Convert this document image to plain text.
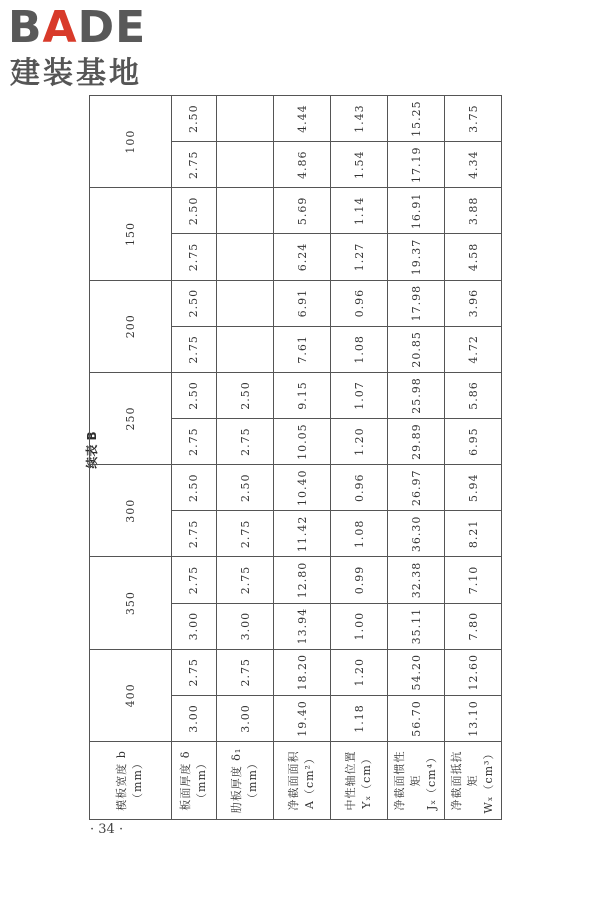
BADE

建装基地

续表 B

模板宽度 b （mm）	400		350		300		250		200		150		100	

板面厚度 δ （mm）	3.00	2.75	3.00	2.75	2.75	2.50	2.75	2.50	2.75	2.50	2.75	2.50	2.75	2.50

肋板厚度 δ₁ （mm）	3.00	2.75	3.00	2.75	2.75	2.50	2.75	2.50						

净截面面积 A（cm²）	19.40	18.20	13.94	12.80	11.42	10.40	10.05	9.15	7.61	6.91	6.24	5.69	4.86	4.44

中性轴位置 Yₓ（cm）	1.18	1.20	1.00	0.99	1.08	0.96	1.20	1.07	1.08	0.96	1.27	1.14	1.54	1.43

净截面惯性矩 Jₓ（cm⁴）	56.70	54.20	35.11	32.38	36.30	26.97	29.89	25.98	20.85	17.98	19.37	16.91	17.19	15.25

净截面抵抗矩 Wₓ（cm³）	13.10	12.60	7.80	7.10	8.21	5.94	6.95	5.86	4.72	3.96	4.58	3.88	4.34	3.75

· 34 ·
